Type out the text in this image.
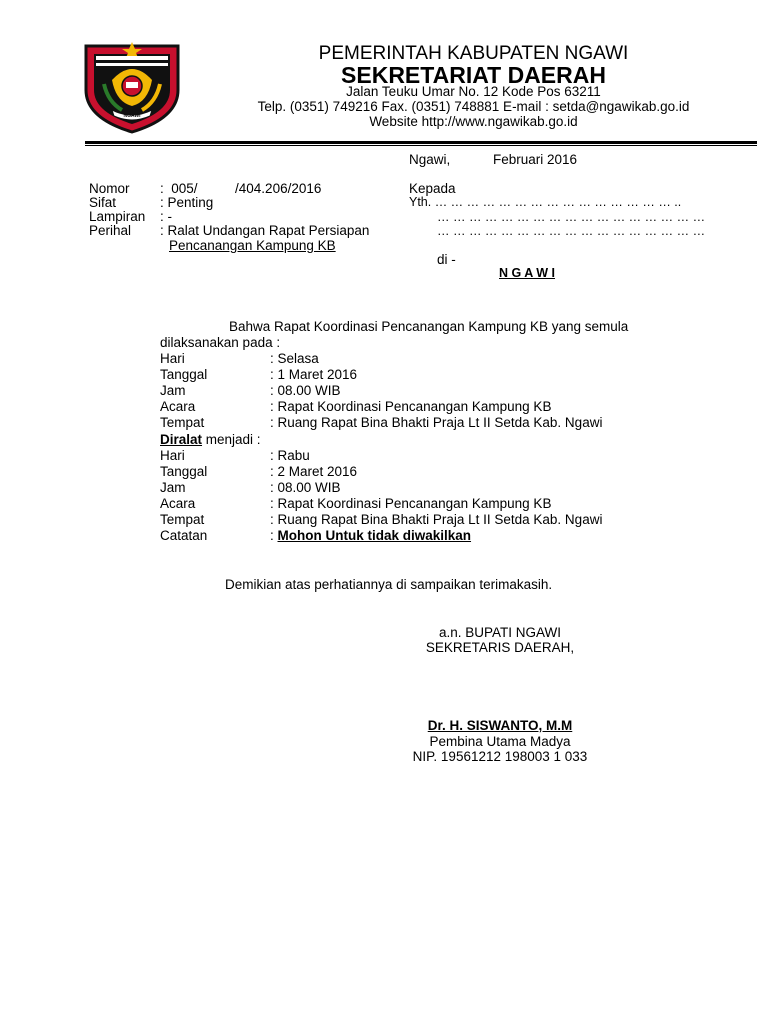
NGAWI
PEMERINTAH KABUPATEN NGAWI
SEKRETARIAT DAERAH
Jalan Teuku Umar No. 12 Kode Pos 63211
Telp. (0351) 749216 Fax. (0351) 748881 E-mail : setda@ngawikab.go.id
Website http://www.ngawikab.go.id
Ngawi,	Februari 2016
Nomor :  005/          /404.206/2016
Sifat	: Penting
Lampiran : -
Perihal : Ralat Undangan Rapat Persiapan
Pencanangan Kampung KB
Kepada
Yth. … … … … … … … … … … … … … … … ..
… … … … … … … … … … … … … … … … …
… … … … … … … … … … … … … … … … …
di -
N G A W I
Bahwa Rapat Koordinasi Pencanangan Kampung KB yang semula
dilaksanakan pada :
Hari	: Selasa
Tanggal	: 1 Maret 2016
Jam	: 08.00 WIB
Acara	: Rapat Koordinasi Pencanangan Kampung KB
Tempat	: Ruang Rapat Bina Bhakti Praja Lt II Setda Kab. Ngawi
Diralat menjadi :
Hari	: Rabu
Tanggal	: 2 Maret 2016
Jam	: 08.00 WIB
Acara	: Rapat Koordinasi Pencanangan Kampung KB
Tempat	: Ruang Rapat Bina Bhakti Praja Lt II Setda Kab. Ngawi
Catatan	: Mohon Untuk tidak diwakilkan
Demikian atas perhatiannya di sampaikan terimakasih.
a.n. BUPATI NGAWI
SEKRETARIS DAERAH,
Dr. H. SISWANTO, M.M
Pembina Utama Madya
NIP. 19561212 198003 1 033
